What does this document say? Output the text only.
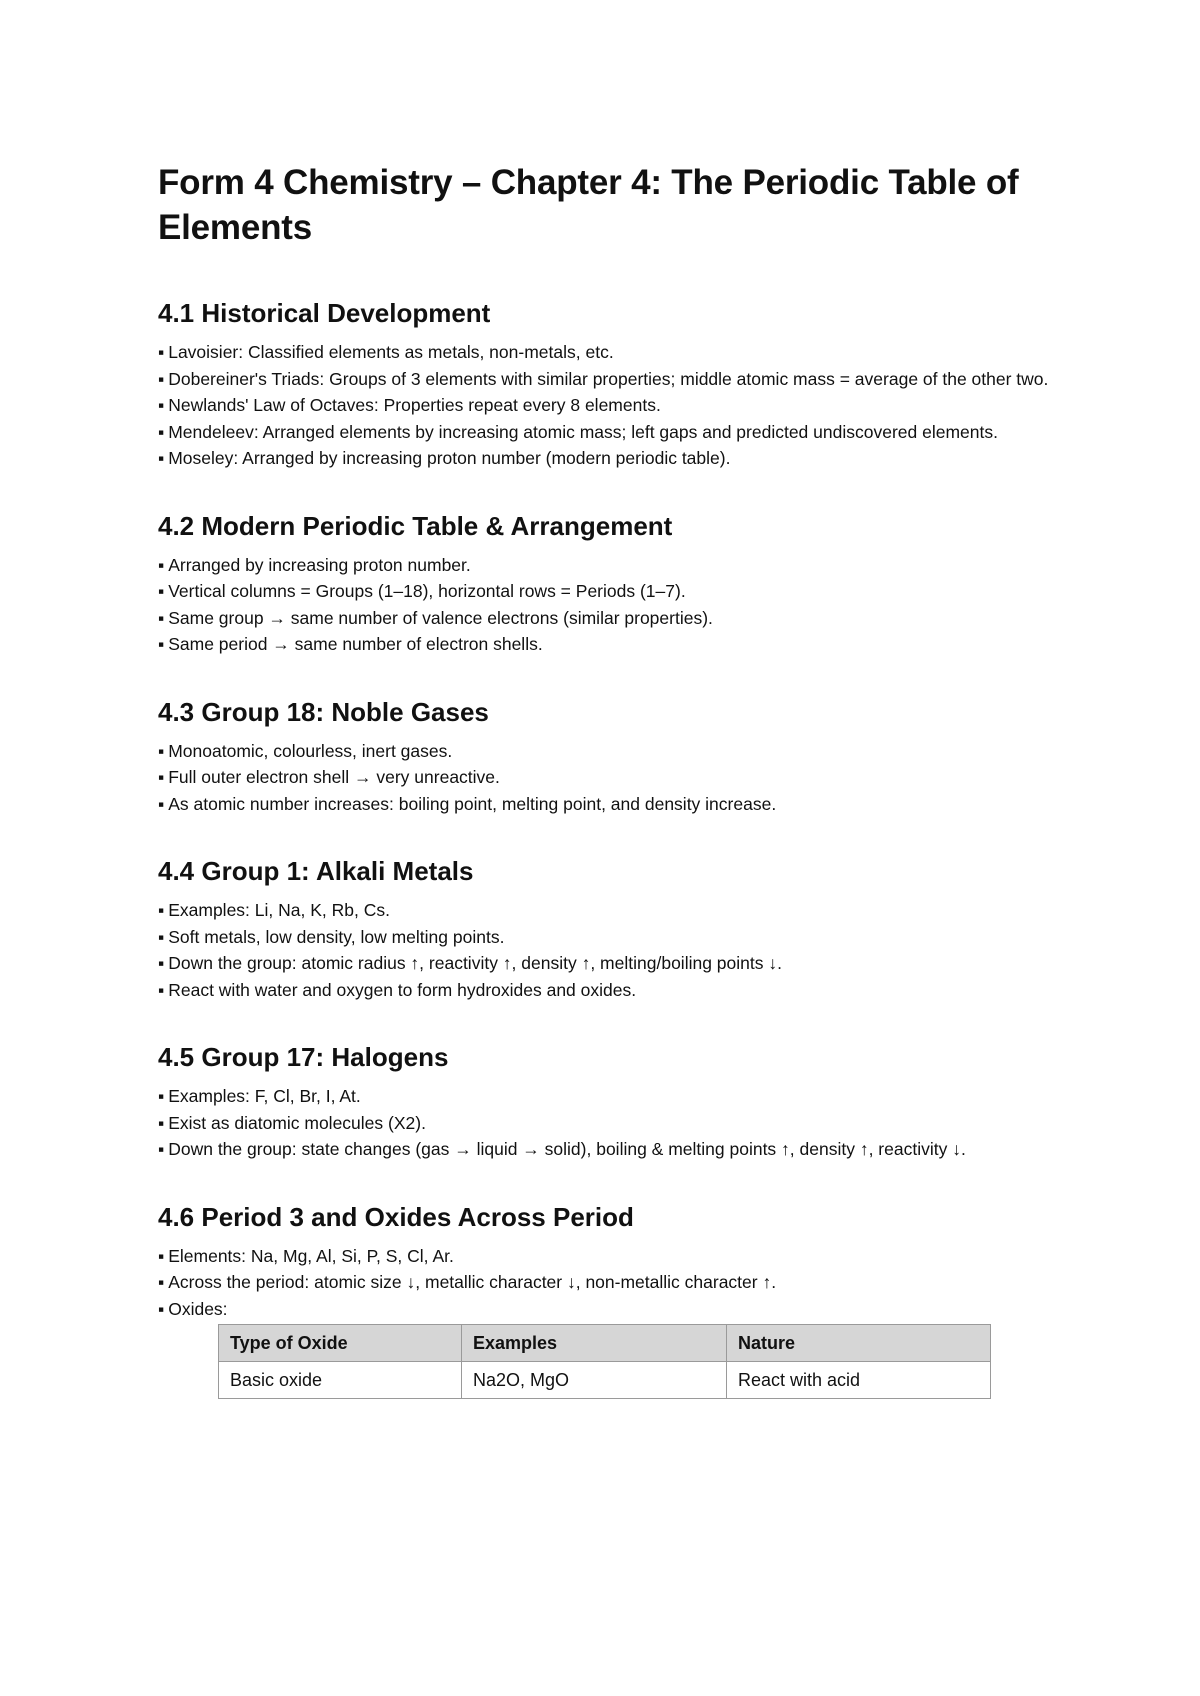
Form 4 Chemistry – Chapter 4: The Periodic Table of Elements
4.1 Historical Development
▪ Lavoisier: Classified elements as metals, non-metals, etc.
▪ Dobereiner's Triads: Groups of 3 elements with similar properties; middle atomic mass = average of the other two.
▪ Newlands' Law of Octaves: Properties repeat every 8 elements.
▪ Mendeleev: Arranged elements by increasing atomic mass; left gaps and predicted undiscovered elements.
▪ Moseley: Arranged by increasing proton number (modern periodic table).
4.2 Modern Periodic Table & Arrangement
▪ Arranged by increasing proton number.
▪ Vertical columns = Groups (1–18), horizontal rows = Periods (1–7).
▪ Same group → same number of valence electrons (similar properties).
▪ Same period → same number of electron shells.
4.3 Group 18: Noble Gases
▪ Monoatomic, colourless, inert gases.
▪ Full outer electron shell → very unreactive.
▪ As atomic number increases: boiling point, melting point, and density increase.
4.4 Group 1: Alkali Metals
▪ Examples: Li, Na, K, Rb, Cs.
▪ Soft metals, low density, low melting points.
▪ Down the group: atomic radius ↑, reactivity ↑, density ↑, melting/boiling points ↓.
▪ React with water and oxygen to form hydroxides and oxides.
4.5 Group 17: Halogens
▪ Examples: F, Cl, Br, I, At.
▪ Exist as diatomic molecules (X2).
▪ Down the group: state changes (gas → liquid → solid), boiling & melting points ↑, density ↑, reactivity ↓.
4.6 Period 3 and Oxides Across Period
▪ Elements: Na, Mg, Al, Si, P, S, Cl, Ar.
▪ Across the period: atomic size ↓, metallic character ↓, non-metallic character ↑.
▪ Oxides:
Type of Oxide	Examples	Nature
Basic oxide	Na2O, MgO	React with acid
